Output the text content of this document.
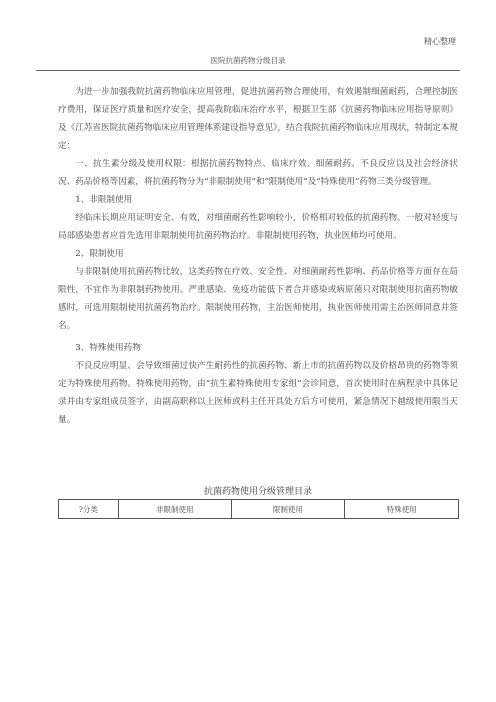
精心整理
医院抗菌药物分级目录

为进一步加强我院抗菌药物临床应用管理，促进抗菌药物合理使用，有效遏制细菌耐药，合理控制医疗费用，保证医疗质量和医疗安全，提高我院临床治疗水平，根据卫生部《抗菌药物临床应用指导原则》及《江苏省医院抗菌药物临床应用管理体系建设指导意见》，结合我院抗菌药物临床应用现状，特制定本规定：

一、抗生素分级及使用权限：根据抗菌药物特点、临床疗效、细菌耐药、不良反应以及社会经济状况、药品价格等因素，将抗菌药物分为“非限制使用”和“限制使用”及“特殊使用”药物三类分级管理。

1、非限制使用

经临床长期应用证明安全、有效，对细菌耐药性影响较小，价格相对较低的抗菌药物。一般对轻度与局部感染患者应首先选用非限制使用抗菌药物治疗。非限制使用药物，执业医师均可使用。

2、限制使用

与非限制使用抗菌药物比较，这类药物在疗效、安全性、对细菌耐药性影响、药品价格等方面存在局限性，不宜作为非限制药物使用。严重感染、免疫功能低下者合并感染或病原菌只对限制使用抗菌药物敏感时，可选用限制使用抗菌药物治疗。限制使用药物，主治医师使用，执业医师使用需主治医师同意并签名。

3、特殊使用药物

不良反应明显、会导致细菌过快产生耐药性的抗菌药物、新上市的抗菌药物以及价格昂贵的药物等须定为特殊使用药物。特殊使用药物，由“抗生素特殊使用专家组”会诊同意，首次使用时在病程录中具体记录并由专家组成员签字，由副高职称以上医师或科主任开具处方后方可使用，紧急情况下越级使用限当天量。

抗菌药物使用分级管理目录
?分类	非限制使用	限制使用	特殊使用
